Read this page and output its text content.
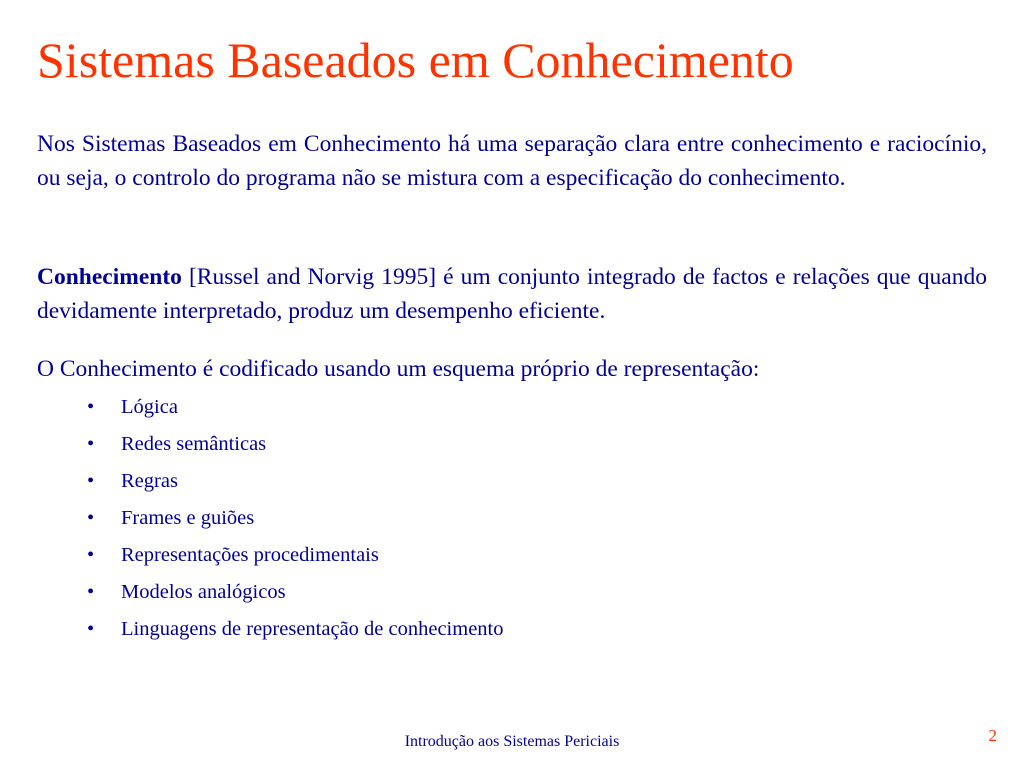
Sistemas Baseados em Conhecimento

Nos Sistemas Baseados em Conhecimento há uma separação clara entre conhecimento e raciocínio, ou seja, o controlo do programa não se mistura com a especificação do conhecimento.

Conhecimento [Russel and Norvig 1995] é um conjunto integrado de factos e relações que quando devidamente interpretado, produz um desempenho eficiente.

O Conhecimento é codificado usando um esquema próprio de representação:

• Lógica
• Redes semânticas
• Regras
• Frames e guiões
• Representações procedimentais
• Modelos analógicos
• Linguagens de representação de conhecimento
Introdução aos Sistemas Periciais	2
